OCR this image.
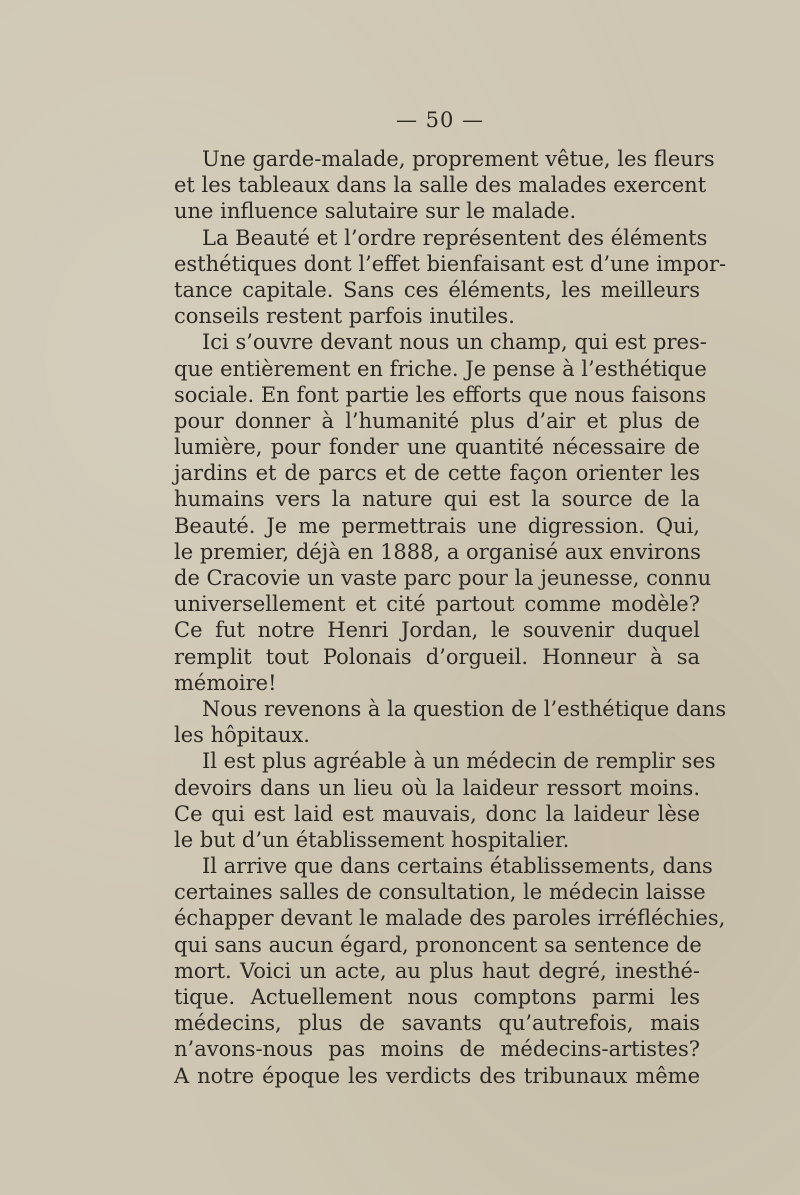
— 50 —
Une garde-malade, proprement vêtue, les fleurs
et les tableaux dans la salle des malades exercent
une influence salutaire sur le malade.
La Beauté et l’ordre représentent des éléments
esthétiques dont l’effet bienfaisant est d’une impor-
tance capitale. Sans ces éléments, les meilleurs
conseils restent parfois inutiles.
Ici s’ouvre devant nous un champ, qui est pres-
que entièrement en friche. Je pense à l’esthétique
sociale. En font partie les efforts que nous faisons
pour donner à l’humanité plus d’air et plus de
lumière, pour fonder une quantité nécessaire de
jardins et de parcs et de cette façon orienter les
humains vers la nature qui est la source de la
Beauté. Je me permettrais une digression. Qui,
le premier, déjà en 1888, a organisé aux environs
de Cracovie un vaste parc pour la jeunesse, connu
universellement et cité partout comme modèle?
Ce fut notre Henri Jordan, le souvenir duquel
remplit tout Polonais d’orgueil. Honneur à sa
mémoire!
Nous revenons à la question de l’esthétique dans
les hôpitaux.
Il est plus agréable à un médecin de remplir ses
devoirs dans un lieu où la laideur ressort moins.
Ce qui est laid est mauvais, donc la laideur lèse
le but d’un établissement hospitalier.
Il arrive que dans certains établissements, dans
certaines salles de consultation, le médecin laisse
échapper devant le malade des paroles irréfléchies,
qui sans aucun égard, prononcent sa sentence de
mort. Voici un acte, au plus haut degré, inesthé-
tique. Actuellement nous comptons parmi les
médecins, plus de savants qu’autrefois, mais
n’avons-nous pas moins de médecins-artistes?
A notre époque les verdicts des tribunaux même
